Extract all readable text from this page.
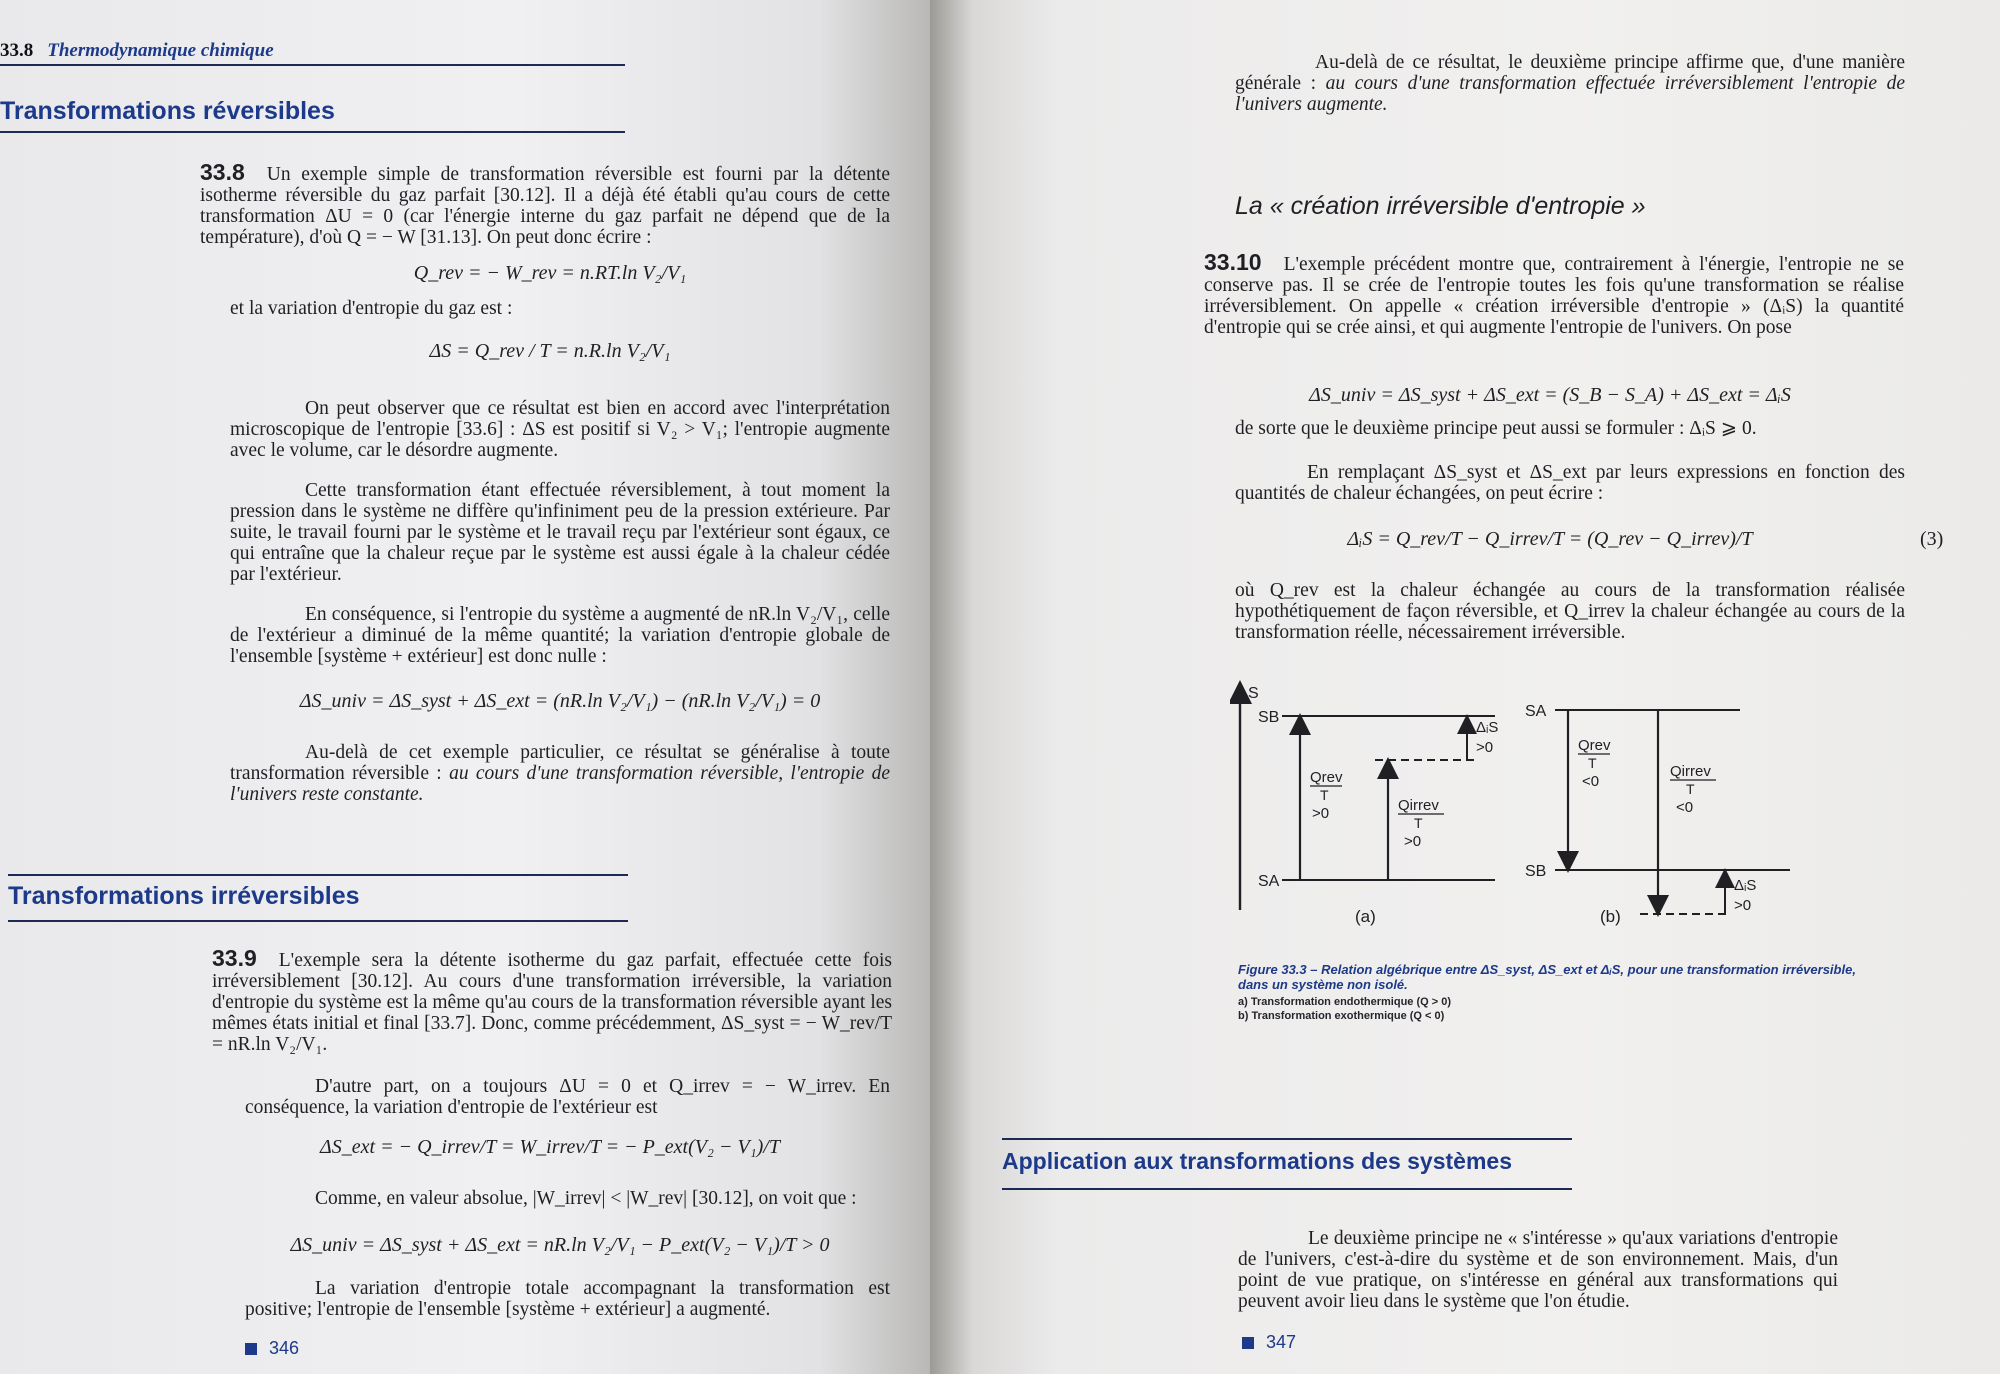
33.8 Thermodynamique chimique
Transformations réversibles
33.8 Un exemple simple de transformation réversible est fourni par la détente isotherme réversible du gaz parfait [30.12]. Il a déjà été établi qu'au cours de cette transformation ΔU = 0 (car l'énergie interne du gaz parfait ne dépend que de la température), d'où Q = − W [31.13]. On peut donc écrire :
Q_rev = − W_rev = n.RT.ln V₂/V₁
et la variation d'entropie du gaz est :
ΔS = Q_rev / T = n.R.ln V₂/V₁
On peut observer que ce résultat est bien en accord avec l'interprétation microscopique de l'entropie [33.6] : ΔS est positif si V₂ > V₁; l'entropie augmente avec le volume, car le désordre augmente.
Cette transformation étant effectuée réversiblement, à tout moment la pression dans le système ne diffère qu'infiniment peu de la pression extérieure. Par suite, le travail fourni par le système et le travail reçu par l'extérieur sont égaux, ce qui entraîne que la chaleur reçue par le système est aussi égale à la chaleur cédée par l'extérieur.
En conséquence, si l'entropie du système a augmenté de nR.ln V₂/V₁, celle de l'extérieur a diminué de la même quantité; la variation d'entropie globale de l'ensemble [système + extérieur] est donc nulle :
ΔS_univ = ΔS_syst + ΔS_ext = (nR.ln V₂/V₁) − (nR.ln V₂/V₁) = 0
Au-delà de cet exemple particulier, ce résultat se généralise à toute transformation réversible : au cours d'une transformation réversible, l'entropie de l'univers reste constante.
Transformations irréversibles
33.9 L'exemple sera la détente isotherme du gaz parfait, effectuée cette fois irréversiblement [30.12]. Au cours d'une transformation irréversible, la variation d'entropie du système est la même qu'au cours de la transformation réversible ayant les mêmes états initial et final [33.7]. Donc, comme précédemment, ΔS_syst = − W_rev/T = nR.ln V₂/V₁.
D'autre part, on a toujours ΔU = 0 et Q_irrev = − W_irrev. En conséquence, la variation d'entropie de l'extérieur est
ΔS_ext = − Q_irrev/T = W_irrev/T = − P_ext(V₂ − V₁)/T
Comme, en valeur absolue, |W_irrev| < |W_rev| [30.12], on voit que :
ΔS_univ = ΔS_syst + ΔS_ext = nR.ln V₂/V₁ − P_ext(V₂ − V₁)/T > 0
La variation d'entropie totale accompagnant la transformation est positive; l'entropie de l'ensemble [système + extérieur] a augmenté.
346
Au-delà de ce résultat, le deuxième principe affirme que, d'une manière générale : au cours d'une transformation effectuée irréversiblement l'entropie de l'univers augmente.
La « création irréversible d'entropie »
33.10 L'exemple précédent montre que, contrairement à l'énergie, l'entropie ne se conserve pas. Il se crée de l'entropie toutes les fois qu'une transformation se réalise irréversiblement. On appelle « création irréversible d'entropie » (ΔᵢS) la quantité d'entropie qui se crée ainsi, et qui augmente l'entropie de l'univers. On pose
ΔS_univ = ΔS_syst + ΔS_ext = (S_B − S_A) + ΔS_ext = ΔᵢS
de sorte que le deuxième principe peut aussi se formuler : ΔᵢS ⩾ 0.
En remplaçant ΔS_syst et ΔS_ext par leurs expressions en fonction des quantités de chaleur échangées, on peut écrire :
ΔᵢS = Q_rev/T − Q_irrev/T = (Q_rev − Q_irrev)/T	(3)
où Q_rev est la chaleur échangée au cours de la transformation réalisée hypothétiquement de façon réversible, et Q_irrev la chaleur échangée au cours de la transformation réelle, nécessairement irréversible.
S
SB
SA
Qrev
T
>0	Qirrev
T
>0
ΔᵢS
>0
(a)
SA
SB
Qrev
T
<0
Qirrev
T
<0
ΔᵢS
>0
(b)
Figure 33.3 – Relation algébrique entre ΔS_syst, ΔS_ext et ΔᵢS, pour une transformation irréversible, dans un système non isolé.
a) Transformation endothermique (Q > 0)
b) Transformation exothermique (Q < 0)
Application aux transformations des systèmes
Le deuxième principe ne « s'intéresse » qu'aux variations d'entropie de l'univers, c'est-à-dire du système et de son environnement. Mais, d'un point de vue pratique, on s'intéresse en général aux transformations qui peuvent avoir lieu dans le système que l'on étudie.
347
